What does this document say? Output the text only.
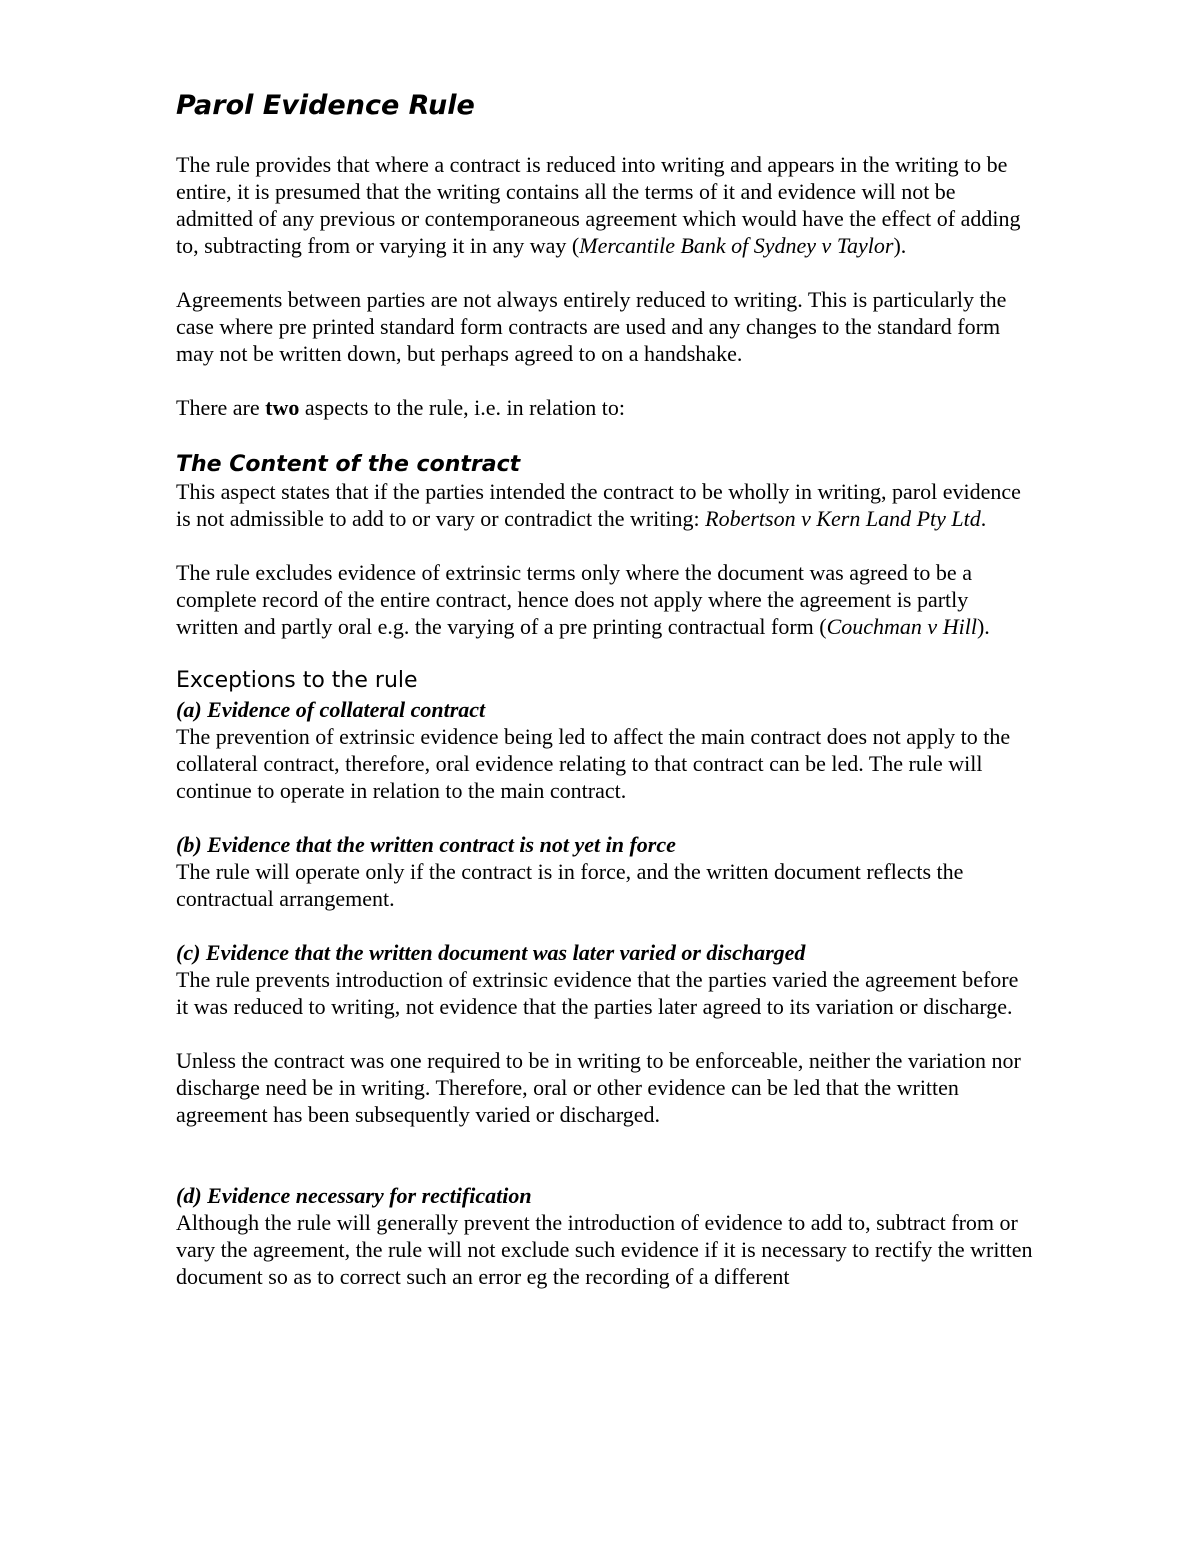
Parol Evidence Rule

The rule provides that where a contract is reduced into writing and appears in the writing to be entire, it is presumed that the writing contains all the terms of it and evidence will not be admitted of any previous or contemporaneous agreement which would have the effect of adding to, subtracting from or varying it in any way (Mercantile Bank of Sydney v Taylor).

Agreements between parties are not always entirely reduced to writing. This is particularly the case where pre printed standard form contracts are used and any changes to the standard form may not be written down, but perhaps agreed to on a handshake.

There are two aspects to the rule, i.e. in relation to:

The Content of the contract

This aspect states that if the parties intended the contract to be wholly in writing, parol evidence is not admissible to add to or vary or contradict the writing: Robertson v Kern Land Pty Ltd.

The rule excludes evidence of extrinsic terms only where the document was agreed to be a complete record of the entire contract, hence does not apply where the agreement is partly written and partly oral e.g. the varying of a pre printing contractual form (Couchman v Hill).

Exceptions to the rule

(a) Evidence of collateral contract

The prevention of extrinsic evidence being led to affect the main contract does not apply to the collateral contract, therefore, oral evidence relating to that contract can be led. The rule will continue to operate in relation to the main contract.

(b) Evidence that the written contract is not yet in force

The rule will operate only if the contract is in force, and the written document reflects the contractual arrangement.

(c) Evidence that the written document was later varied or discharged

The rule prevents introduction of extrinsic evidence that the parties varied the agreement before it was reduced to writing, not evidence that the parties later agreed to its variation or discharge.

Unless the contract was one required to be in writing to be enforceable, neither the variation nor discharge need be in writing. Therefore, oral or other evidence can be led that the written agreement has been subsequently varied or discharged.

(d) Evidence necessary for rectification

Although the rule will generally prevent the introduction of evidence to add to, subtract from or vary the agreement, the rule will not exclude such evidence if it is necessary to rectify the written document so as to correct such an error eg the recording of a different
